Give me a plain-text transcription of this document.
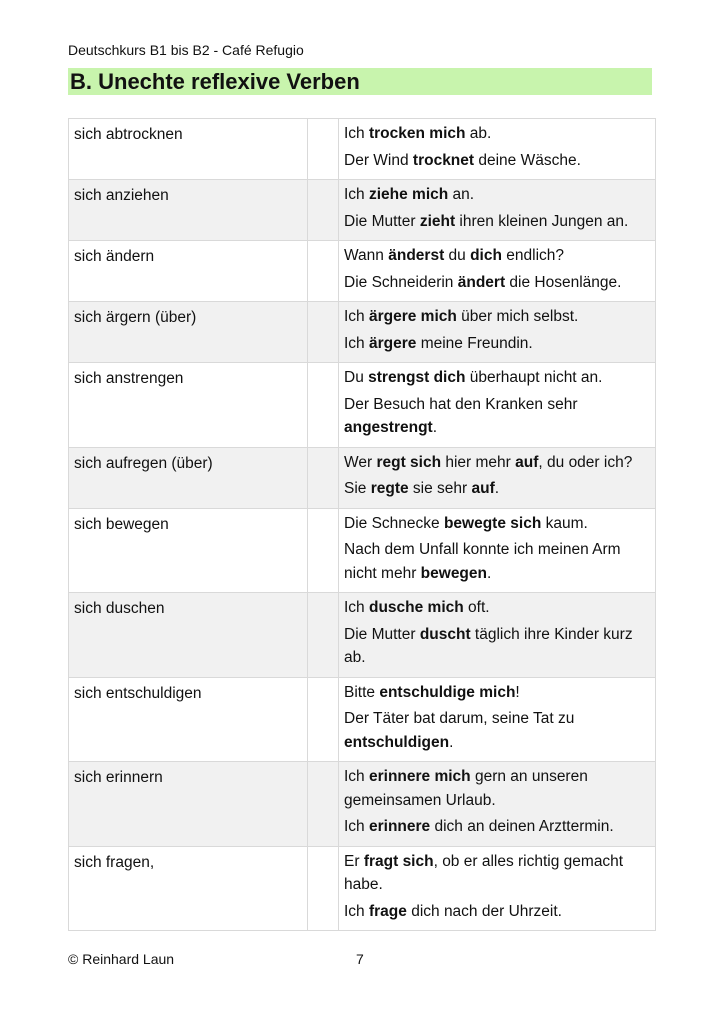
Deutschkurs B1 bis B2 - Café Refugio
B. Unechte reflexive Verben
sich abtrocknen		Ich trocken mich ab.
Der Wind trocknet deine Wäsche.

sich anziehen		Ich ziehe mich an.
Die Mutter zieht ihren kleinen Jungen an.

sich ändern		Wann änderst du dich endlich?
Die Schneiderin ändert die Hosenlänge.

sich ärgern (über)		Ich ärgere mich über mich selbst.
Ich ärgere meine Freundin.

sich anstrengen		Du strengst dich überhaupt nicht an.
Der Besuch hat den Kranken sehr angestrengt.

sich aufregen (über)		Wer regt sich hier mehr auf, du oder ich?
Sie regte sie sehr auf.

sich bewegen		Die Schnecke bewegte sich kaum.
Nach dem Unfall konnte ich meinen Arm nicht mehr bewegen.

sich duschen		Ich dusche mich oft.
Die Mutter duscht täglich ihre Kinder kurz ab.

sich entschuldigen		Bitte entschuldige mich!
Der Täter bat darum, seine Tat zu entschuldigen.

sich erinnern		Ich erinnere mich gern an unseren gemeinsamen Urlaub.
Ich erinnere dich an deinen Arzttermin.

sich fragen,		Er fragt sich, ob er alles richtig gemacht habe.
Ich frage dich nach der Uhrzeit.
© Reinhard Laun	7
